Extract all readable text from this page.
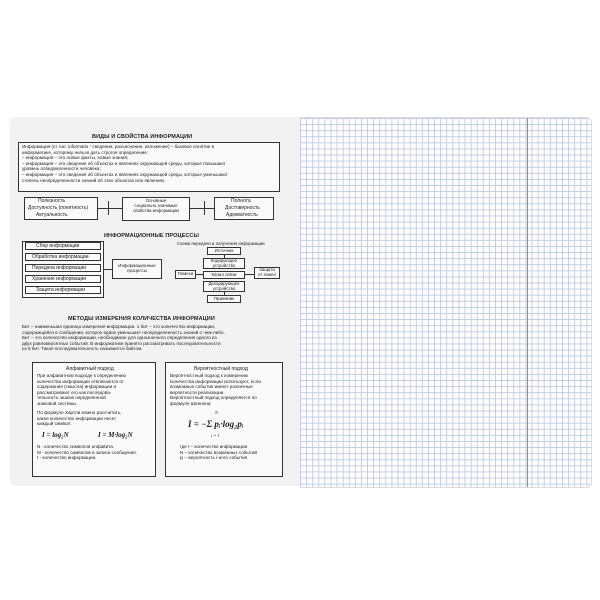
ВИДЫ И СВОЙСТВА ИНФОРМАЦИИ
Информация (от лат. informatio - сведения, разъяснение, изложение) – базовое понятие в
информатике, которому нельзя дать строгое определение:
– информация – это новые факты, новые знания;
– информация – это сведения об объектах и явлениях окружающей среды, которые повышают
уровень осведомленности человека;
– информация – это сведения об объектах и явлениях окружающей среды, которые уменьшают
степень неопределенности знаний об этих объектах или явлениях.
Полезность
Доступность (понятность)
Актуальность
Основные
социально значимые
свойства информации
Полнота
Достоверность
Адекватность
ИНФОРМАЦИОННЫЕ ПРОЦЕССЫ
Сбор информации
Обработка информации
Передача информации
Хранение информации
Защита информации
Информационные
процессы
Схема передачи и получения информации
Источник
Кодирующее
устройство
Канал связи
Декодирующее
устройство
Приемник
Помехи
Защита
от помех
МЕТОДЫ ИЗМЕРЕНИЯ КОЛИЧЕСТВА ИНФОРМАЦИИ
Бит – наименьшая единица измерения информации. 1 бит – это количество информации,
содержащейся в сообщении, которое вдвое уменьшает неопределенность знаний о чем-либо.
Бит – это количество информации, необходимое для однозначного определения одного из
двух равновероятных событий. В информатике принято рассматривать последовательности
из 8 бит. Такая последовательность называется байтом.
Алфавитный подход
При алфавитном подходе к определению
количества информации отвлекаются от
содержания (смысла) информации и
рассматривают его как последова-
тельность знаков определенной
знаковой системы.
По формуле Хартли можно рассчитать,
какое количество информации несет
каждый символ:
I = log₂N	I = M·log₂N
N - количество символов алфавита.
M - количество символов в записи сообщения.
I - количество информации.
Вероятностный подход
Вероятностный подход к измерению
количества информации используют, если
возможные события имеют различные
вероятности реализации.
Вероятностный подход определяется по
формуле Шеннона:
N
I = −Σ pᵢ·log₂pᵢ
i = 1
где I – количество информации
N – количество возможных событий
pᵢ – вероятность i-ного события
